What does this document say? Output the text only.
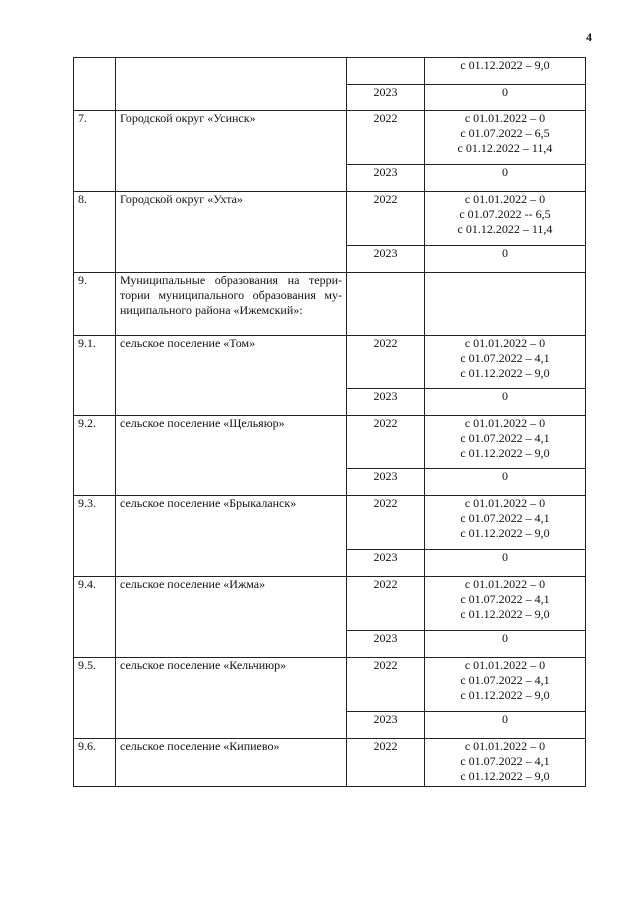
4

			с 01.12.2022 – 9,0

		2023	0

7.	Городской округ «Усинск»	2022	с 01.01.2022 – 0
с 01.07.2022 – 6,5
с 01.12.2022 – 11,4

		2023	0

8.	Городской округ «Ухта»	2022	с 01.01.2022 – 0
с 01.07.2022 -- 6,5
с 01.12.2022 – 11,4

		2023	0

9.	Муниципальные образования на терри-
тории муниципального образования му-
ниципального района «Ижемский»:		

9.1.	сельское поселение «Том»	2022	с 01.01.2022 – 0
с 01.07.2022 – 4,1
с 01.12.2022 – 9,0

		2023	0

9.2.	сельское поселение «Щельяюр»	2022	с 01.01.2022 – 0
с 01.07.2022 – 4,1
с 01.12.2022 – 9,0

		2023	0

9.3.	сельское поселение «Брыкаланск»	2022	с 01.01.2022 – 0
с 01.07.2022 – 4,1
с 01.12.2022 – 9,0

		2023	0

9.4.	сельское поселение «Ижма»	2022	с 01.01.2022 – 0
с 01.07.2022 – 4,1
с 01.12.2022 – 9,0

		2023	0

9.5.	сельское поселение «Кельчиюр»	2022	с 01.01.2022 – 0
с 01.07.2022 – 4,1
с 01.12.2022 – 9,0

		2023	0

9.6.	сельское поселение «Кипиево»	2022	с 01.01.2022 – 0
с 01.07.2022 – 4,1
с 01.12.2022 – 9,0
